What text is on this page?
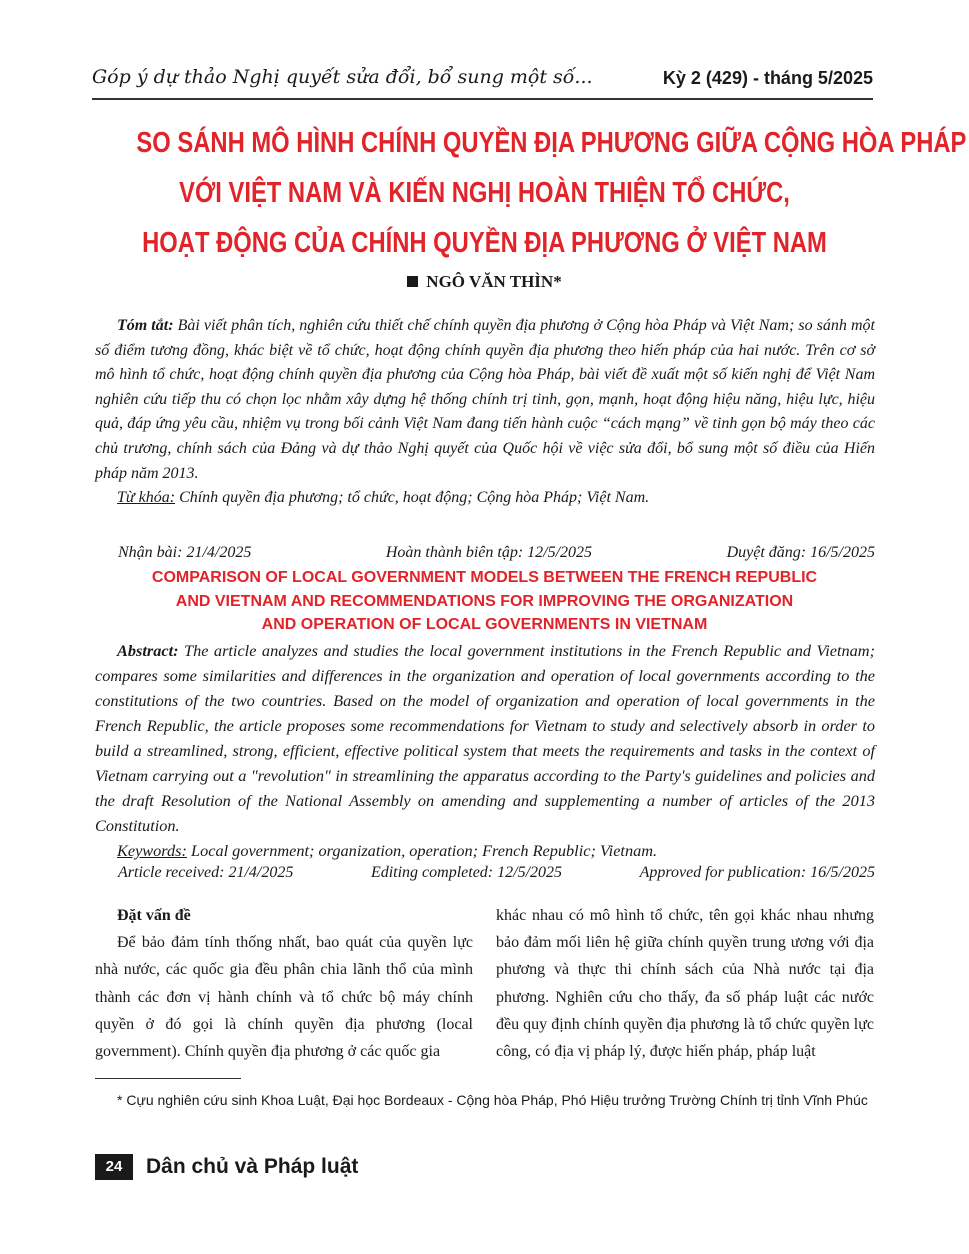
Góp ý dự thảo Nghị quyết sửa đổi, bổ sung một số...	Kỳ 2 (429) - tháng 5/2025
SO SÁNH MÔ HÌNH CHÍNH QUYỀN ĐỊA PHƯƠNG GIỮA CỘNG HÒA PHÁP
VỚI VIỆT NAM VÀ KIẾN NGHỊ HOÀN THIỆN TỔ CHỨC,
HOẠT ĐỘNG CỦA CHÍNH QUYỀN ĐỊA PHƯƠNG Ở VIỆT NAM
NGÔ VĂN THÌN*

Tóm tắt: Bài viết phân tích, nghiên cứu thiết chế chính quyền địa phương ở Cộng hòa Pháp và Việt Nam; so sánh một số điểm tương đồng, khác biệt về tổ chức, hoạt động chính quyền địa phương theo hiến pháp của hai nước. Trên cơ sở mô hình tổ chức, hoạt động chính quyền địa phương của Cộng hòa Pháp, bài viết đề xuất một số kiến nghị để Việt Nam nghiên cứu tiếp thu có chọn lọc nhằm xây dựng hệ thống chính trị tinh, gọn, mạnh, hoạt động hiệu năng, hiệu lực, hiệu quả, đáp ứng yêu cầu, nhiệm vụ trong bối cảnh Việt Nam đang tiến hành cuộc “cách mạng” về tinh gọn bộ máy theo các chủ trương, chính sách của Đảng và dự thảo Nghị quyết của Quốc hội về việc sửa đổi, bổ sung một số điều của Hiến pháp năm 2013.

Từ khóa: Chính quyền địa phương; tổ chức, hoạt động; Cộng hòa Pháp; Việt Nam.

Nhận bài: 21/4/2025	Hoàn thành biên tập: 12/5/2025	Duyệt đăng: 16/5/2025
COMPARISON OF LOCAL GOVERNMENT MODELS BETWEEN THE FRENCH REPUBLIC
AND VIETNAM AND RECOMMENDATIONS FOR IMPROVING THE ORGANIZATION
AND OPERATION OF LOCAL GOVERNMENTS IN VIETNAM

Abstract: The article analyzes and studies the local government institutions in the French Republic and Vietnam; compares some similarities and differences in the organization and operation of local governments according to the constitutions of the two countries. Based on the model of organization and operation of local governments in the French Republic, the article proposes some recommendations for Vietnam to study and selectively absorb in order to build a streamlined, strong, efficient, effective political system that meets the requirements and tasks in the context of Vietnam carrying out a "revolution" in streamlining the apparatus according to the Party's guidelines and policies and the draft Resolution of the National Assembly on amending and supplementing a number of articles of the 2013 Constitution.

Keywords: Local government; organization, operation; French Republic; Vietnam.

Article received: 21/4/2025	Editing completed: 12/5/2025	Approved for publication: 16/5/2025
Đặt vấn đề

Để bảo đảm tính thống nhất, bao quát của quyền lực nhà nước, các quốc gia đều phân chia lãnh thổ của mình thành các đơn vị hành chính và tổ chức bộ máy chính quyền ở đó gọi là chính quyền địa phương (local government). Chính quyền địa phương ở các quốc gia

khác nhau có mô hình tổ chức, tên gọi khác nhau nhưng bảo đảm mối liên hệ giữa chính quyền trung ương với địa phương và thực thi chính sách của Nhà nước tại địa phương. Nghiên cứu cho thấy, đa số pháp luật các nước đều quy định chính quyền địa phương là tổ chức quyền lực công, có địa vị pháp lý, được hiến pháp, pháp luật

* Cựu nghiên cứu sinh Khoa Luật, Đại học Bordeaux - Cộng hòa Pháp, Phó Hiệu trưởng Trường Chính trị tỉnh Vĩnh Phúc

24	Dân chủ và Pháp luật
